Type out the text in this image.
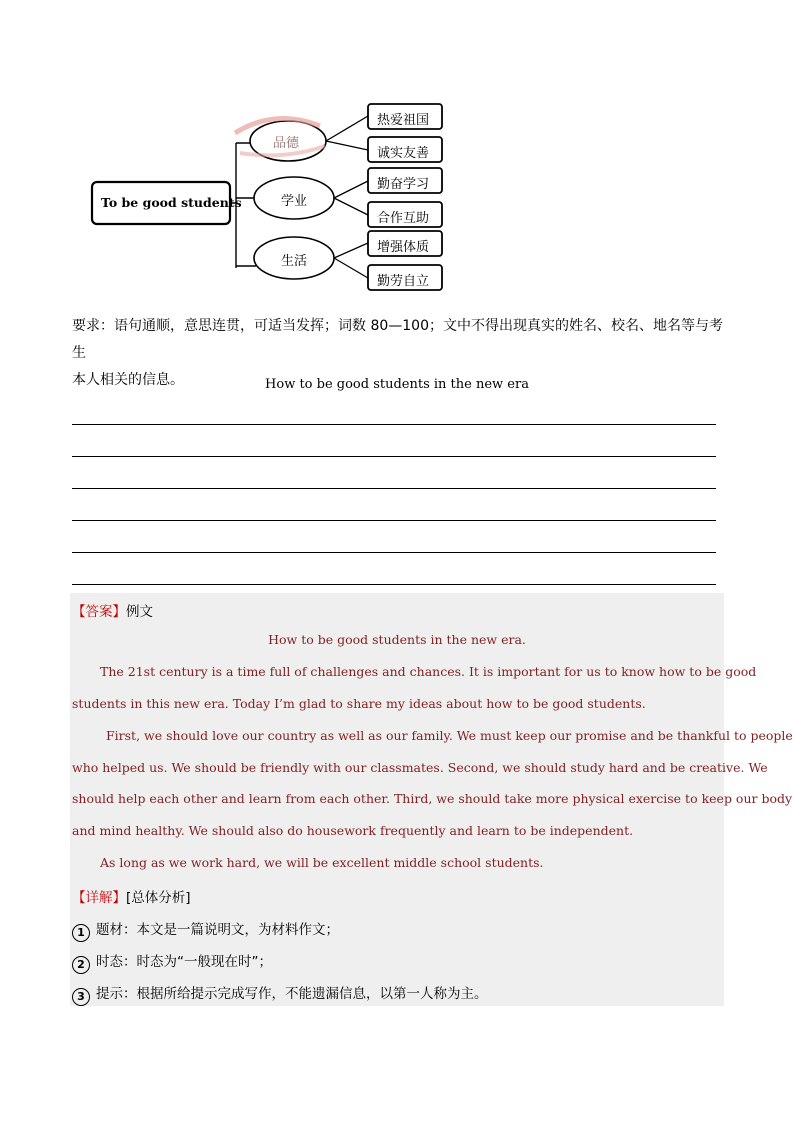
To be good students
品德
学业
生活
热爱祖国
诚实友善
勤奋学习
合作互助
增强体质
勤劳自立
要求：语句通顺，意思连贯，可适当发挥；词数 80—100；文中不得出现真实的姓名、校名、地名等与考生
本人相关的信息。	How to be good students in the new era
【答案】例文
How to be good students in the new era.
The 21st century is a time full of challenges and chances. It is important for us to know how to be good
students in this new era. Today I’m glad to share my ideas about how to be good students.
First, we should love our country as well as our family. We must keep our promise and be thankful to people
who helped us. We should be friendly with our classmates. Second, we should study hard and be creative. We
should help each other and learn from each other. Third, we should take more physical exercise to keep our body
and mind healthy. We should also do housework frequently and learn to be independent.
As long as we work hard, we will be excellent middle school students.
【详解】[总体分析]
1 题材：本文是一篇说明文，为材料作文；
2 时态：时态为“一般现在时”；
3 提示：根据所给提示完成写作，不能遗漏信息，以第一人称为主。
